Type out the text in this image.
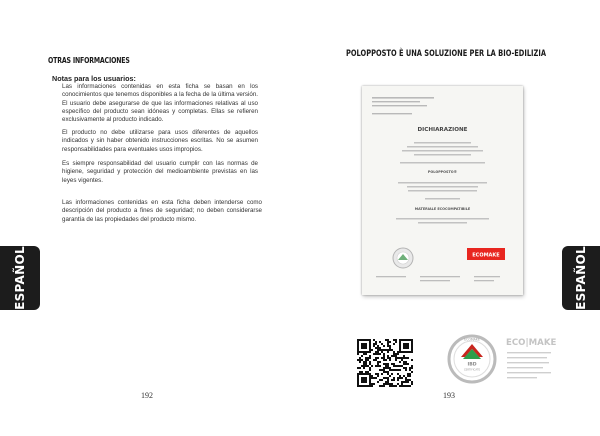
OTRAS INFORMACIONES
Notas para los usuarios:
Las informaciones contenidas en esta ficha se basan en los conocimientos que tenemos disponibles a la fecha de la última versión. El usuario debe asegurarse de que las informaciones relativas al uso específico del producto sean idóneas y completas. Ellas se refieren exclusivamente al producto indicado.
El producto no debe utilizarse para usos diferentes de aquellos indicados y sin haber obtenido instrucciones escritas. No se asumen responsabilidades para eventuales usos impropios.
Es siempre responsabilidad del usuario cumplir con las normas de higiene, seguridad y protección del medioambiente previstas en las leyes vigentes.
Las informaciones contenidas en esta ficha deben intenderse como descripción del producto a fines de seguridad; no deben considerarse garantía de las propiedades del producto mismo.
ESPAÑOL
192
POLOPPOSTO È UNA SOLUZIONE PER LA BIO-EDILIZIA
DICHIARAZIONE
POLOPPOSTO®
MATERIALE ECOCOMPATIBILE
ECOMAKE
IBD
CERTIFICATE
ECOMAKE	ECO|MAKE
ESPAÑOL
193
